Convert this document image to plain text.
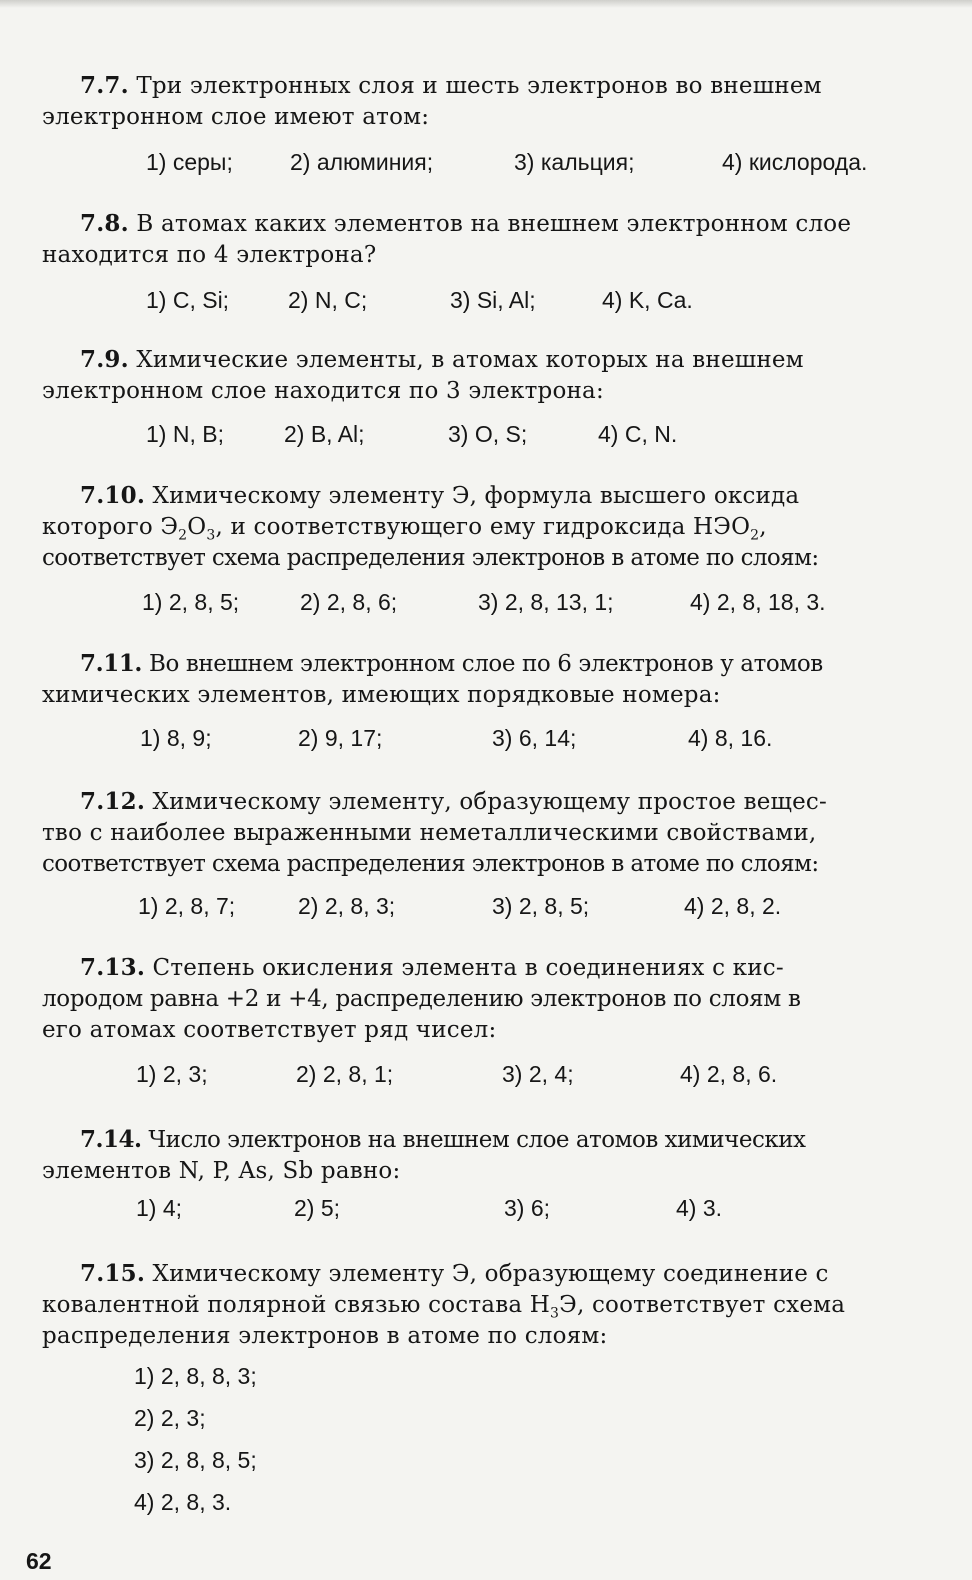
7.7. Три электронных слоя и шесть электронов во внешнем
электронном слое имеют атом:
1) серы; 2) алюминия;	3) кальция;	4) кислорода.
7.8. В атомах каких элементов на внешнем электронном слое
находится по 4 электрона?
1) C, Si;	2) N, C;	3) Si, Al;	4) K, Ca.
7.9. Химические элементы, в атомах которых на внешнем
электронном слое находится по 3 электрона:
1) N, B;	2) B, Al;	3) O, S;	4) C, N.
7.10. Химическому элементу Э, формула высшего оксида
которого $Э_2O_3$, и соответствующего ему гидроксида $НЭО_2$,
соответствует схема распределения электронов в атоме по слоям:
1) 2, 8, 5;	2) 2, 8, 6;	3) 2, 8, 13, 1;	4) 2, 8, 18, 3.
7.11. Во внешнем электронном слое по 6 электронов у атомов
химических элементов, имеющих порядковые номера:
1) 8, 9;	2) 9, 17;	3) 6, 14;	4) 8, 16.
7.12. Химическому элементу, образующему простое вещес-
тво с наиболее выраженными неметаллическими свойствами,
соответствует схема распределения электронов в атоме по слоям:
1) 2, 8, 7;	2) 2, 8, 3;	3) 2, 8, 5;	4) 2, 8, 2.
7.13. Степень окисления элемента в соединениях с кис-
лородом равна +2 и +4, распределению электронов по слоям в
его атомах соответствует ряд чисел:
1) 2, 3;	2) 2, 8, 1;	3) 2, 4;	4) 2, 8, 6.
7.14. Число электронов на внешнем слое атомов химических
элементов N, P, As, Sb равно:
1) 4;	2) 5;	3) 6;	4) 3.
7.15. Химическому элементу Э, образующему соединение с
ковалентной полярной связью состава $Н_3Э$, соответствует схема
распределения электронов в атоме по слоям:
1) 2, 8, 8, 3;
2) 2, 3;
3) 2, 8, 8, 5;
4) 2, 8, 3.
62
